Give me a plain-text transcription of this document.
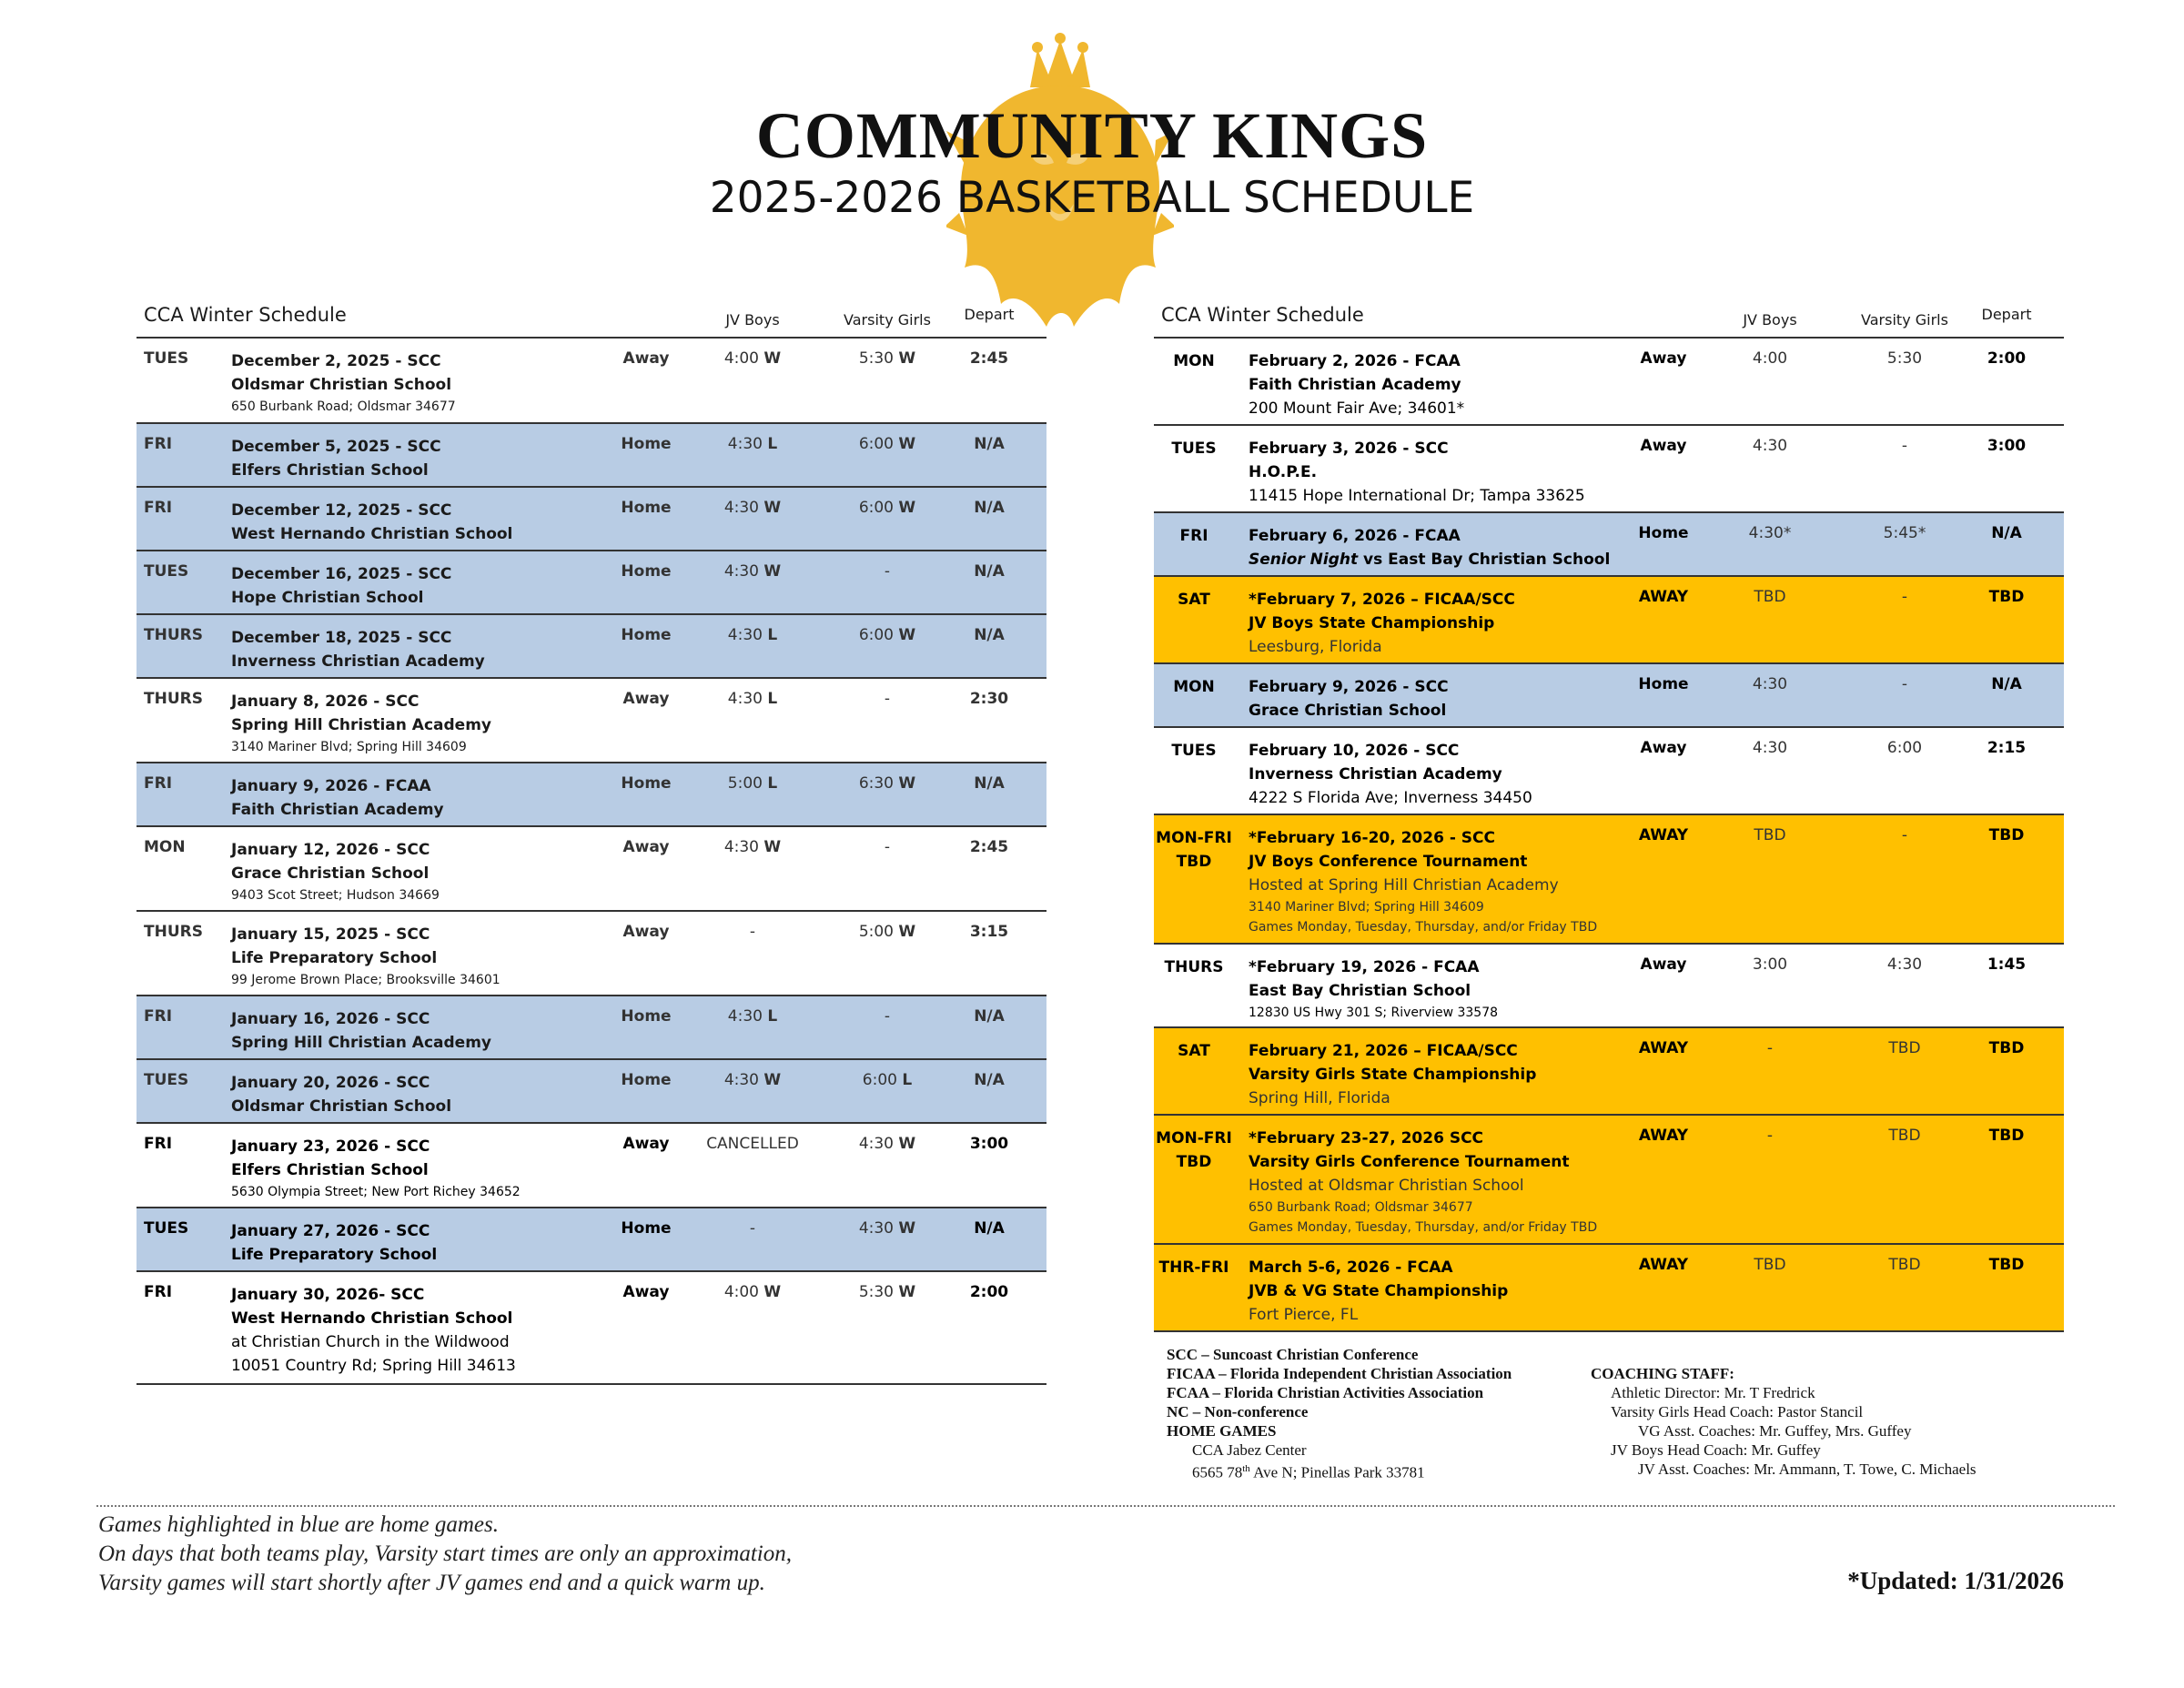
COMMUNITY KINGS
2025-2026 BASKETBALL SCHEDULE
CCA Winter Schedule	JV Boys	Varsity Girls	Depart
TUES	December 2, 2025 - SCC
Oldsmar Christian School
650 Burbank Road; Oldsmar 34677
Away	4:00 W	5:30 W	2:45
FRI	December 5, 2025 - SCC
Elfers Christian School
Home	4:30 L	6:00 W	N/A
FRI	December 12, 2025 - SCC
West Hernando Christian School
Home	4:30 W	6:00 W	N/A
TUES	December 16, 2025 - SCC
Hope Christian School
Home	4:30 W	-	N/A
THURS December 18, 2025 - SCC
Inverness Christian Academy
Home	4:30 L	6:00 W	N/A
THURS January 8, 2026 - SCC
Spring Hill Christian Academy
3140 Mariner Blvd; Spring Hill 34609
Away	4:30 L	-	2:30
FRI	January 9, 2026 - FCAA
Faith Christian Academy
Home	5:00 L	6:30 W	N/A
MON	January 12, 2026 - SCC
Grace Christian School
9403 Scot Street; Hudson 34669
Away	4:30 W	-	2:45
THURS January 15, 2025 - SCC
Life Preparatory School
99 Jerome Brown Place; Brooksville 34601
Away	-	5:00 W	3:15
FRI	January 16, 2026 - SCC
Spring Hill Christian Academy
Home	4:30 L	-	N/A
TUES	January 20, 2026 - SCC
Oldsmar Christian School
Home	4:30 W	6:00 L	N/A
FRI	January 23, 2026 - SCC
Elfers Christian School
5630 Olympia Street; New Port Richey 34652
Away	CANCELLED	4:30 W	3:00
TUES	January 27, 2026 - SCC
Life Preparatory School
Home	-	4:30 W	N/A
FRI	January 30, 2026- SCC
West Hernando Christian School
at Christian Church in the Wildwood
10051 Country Rd; Spring Hill 34613
Away	4:00 W	5:30 W	2:00
CCA Winter Schedule	JV Boys	Varsity Girls	Depart
MON	February 2, 2026 - FCAA
Faith Christian Academy
200 Mount Fair Ave; 34601*
Away	4:00	5:30	2:00
TUES	February 3, 2026 - SCC
H.O.P.E.
11415 Hope International Dr; Tampa 33625
Away	4:30	-	3:00
FRI	February 6, 2026 - FCAA
Senior Night vs East Bay Christian School
Home	4:30*	5:45*	N/A
SAT	*February 7, 2026 – FICAA/SCC
JV Boys State Championship
Leesburg, Florida
AWAY	TBD	-	TBD
MON	February 9, 2026 - SCC
Grace Christian School
Home	4:30	-	N/A
TUES	February 10, 2026 - SCC
Inverness Christian Academy
4222 S Florida Ave; Inverness 34450
Away	4:30	6:00	2:15
MON-FRI
TBD
*February 16-20, 2026 - SCC
JV Boys Conference Tournament
Hosted at Spring Hill Christian Academy
3140 Mariner Blvd; Spring Hill 34609
Games Monday, Tuesday, Thursday, and/or Friday TBD
AWAY	TBD	-	TBD
THURS	*February 19, 2026 - FCAA
East Bay Christian School
12830 US Hwy 301 S; Riverview 33578
Away	3:00	4:30	1:45
SAT	February 21, 2026 – FICAA/SCC
Varsity Girls State Championship
Spring Hill, Florida
AWAY	-	TBD	TBD
MON-FRI
TBD
*February 23-27, 2026 SCC
Varsity Girls Conference Tournament
Hosted at Oldsmar Christian School
650 Burbank Road; Oldsmar 34677
Games Monday, Tuesday, Thursday, and/or Friday TBD
AWAY	-	TBD	TBD
THR-FRI	March 5-6, 2026 - FCAA
JVB & VG State Championship
Fort Pierce, FL
AWAY	TBD	TBD	TBD
SCC – Suncoast Christian Conference
FICAA – Florida Independent Christian Association
FCAA – Florida Christian Activities Association
NC – Non-conference
HOME GAMES
CCA Jabez Center
6565 78th Ave N; Pinellas Park 33781
COACHING STAFF:
Athletic Director: Mr. T Fredrick
Varsity Girls Head Coach: Pastor Stancil
VG Asst. Coaches: Mr. Guffey, Mrs. Guffey
JV Boys Head Coach: Mr. Guffey
JV Asst. Coaches: Mr. Ammann, T. Towe, C. Michaels
Games highlighted in blue are home games.
On days that both teams play, Varsity start times are only an approximation,
Varsity games will start shortly after JV games end and a quick warm up.	*Updated: 1/31/2026
